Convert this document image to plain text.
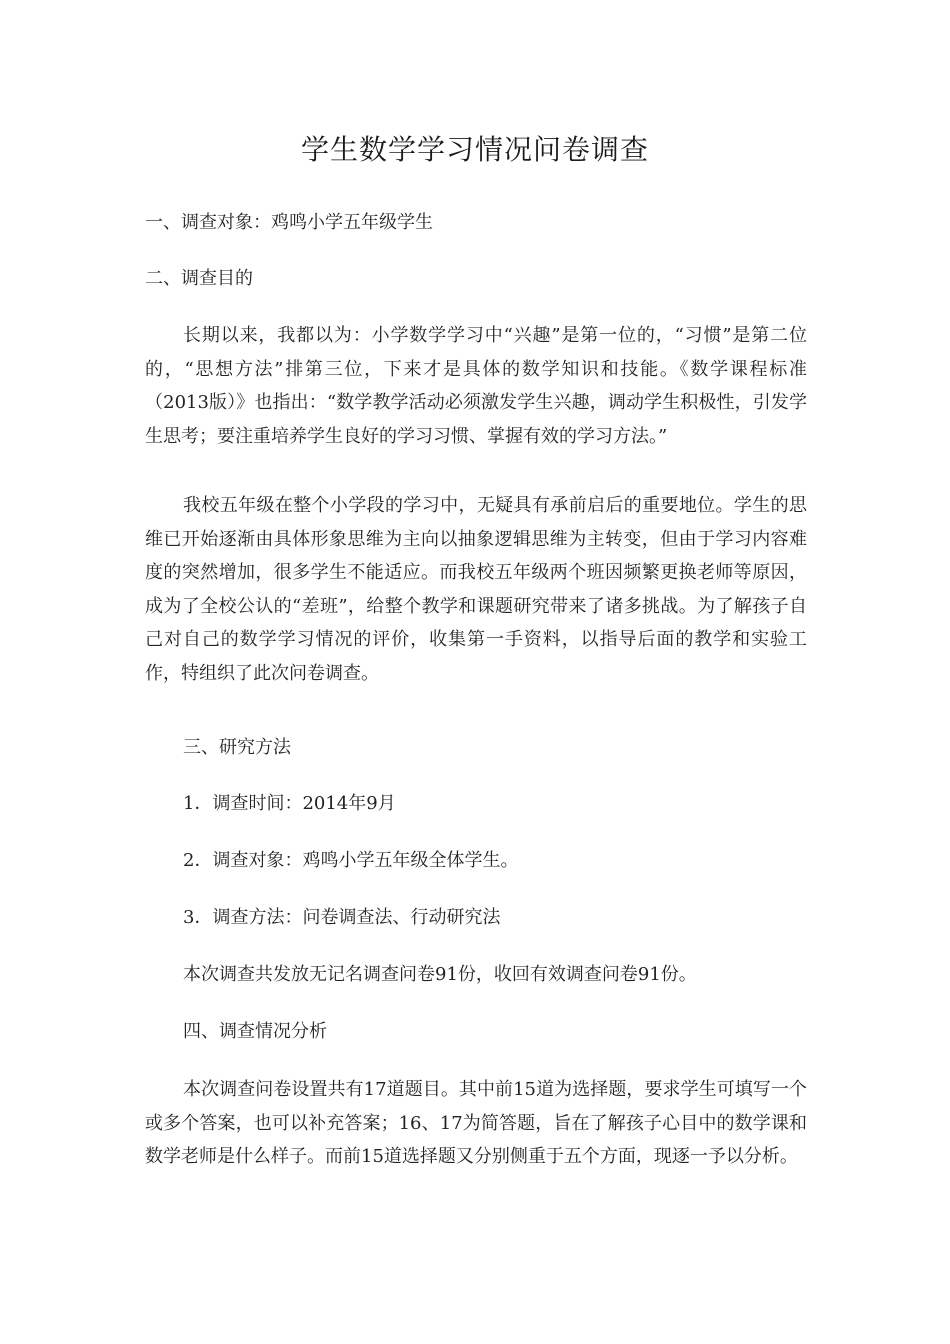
学生数学学习情况问卷调查
一、调查对象：鸡鸣小学五年级学生
二、调查目的
长期以来，我都以为：小学数学学习中“兴趣”是第一位的，“习惯”是第二位的，“思想方法”排第三位，下来才是具体的数学知识和技能。《数学课程标准（2013版）》也指出：“数学教学活动必须激发学生兴趣，调动学生积极性，引发学生思考；要注重培养学生良好的学习习惯、掌握有效的学习方法。”
我校五年级在整个小学段的学习中，无疑具有承前启后的重要地位。学生的思维已开始逐渐由具体形象思维为主向以抽象逻辑思维为主转变，但由于学习内容难度的突然增加，很多学生不能适应。而我校五年级两个班因频繁更换老师等原因，成为了全校公认的“差班”，给整个教学和课题研究带来了诸多挑战。为了解孩子自己对自己的数学学习情况的评价，收集第一手资料，以指导后面的教学和实验工作，特组织了此次问卷调查。
三、研究方法
1．调查时间：2014年9月
2．调查对象：鸡鸣小学五年级全体学生。
3．调查方法：问卷调查法、行动研究法
本次调查共发放无记名调查问卷91份，收回有效调查问卷91份。
四、调查情况分析
本次调查问卷设置共有17道题目。其中前15道为选择题，要求学生可填写一个或多个答案，也可以补充答案；16、17为简答题，旨在了解孩子心目中的数学课和数学老师是什么样子。而前15道选择题又分别侧重于五个方面，现逐一予以分析。
